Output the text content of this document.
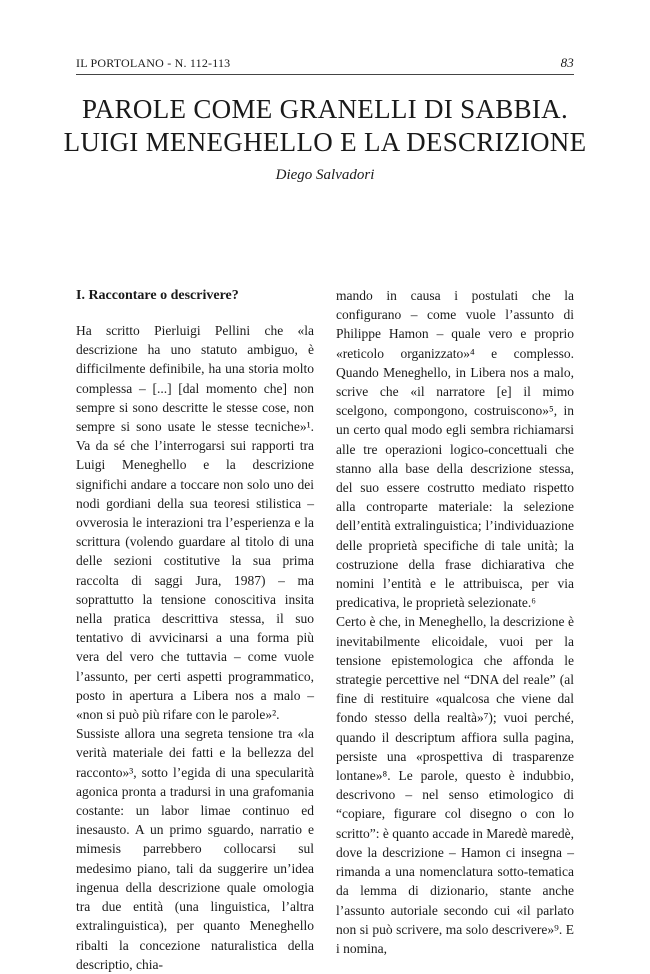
IL PORTOLANO - N. 112-113	83
PAROLE COME GRANELLI DI SABBIA.
LUIGI MENEGHELLO E LA DESCRIZIONE
Diego Salvadori
I. Raccontare o descrivere?

Ha scritto Pierluigi Pellini che «la descrizione ha uno statuto ambiguo, è difficilmente definibile, ha una storia molto complessa – [...] [dal momento che] non sempre si sono descritte le stesse cose, non sempre si sono usate le stesse tecniche»¹. Va da sé che l’interrogarsi sui rapporti tra Luigi Meneghello e la descrizione significhi andare a toccare non solo uno dei nodi gordiani della sua teoresi stilistica – ovverosia le interazioni tra l’esperienza e la scrittura (volendo guardare al titolo di una delle sezioni costitutive la sua prima raccolta di saggi Jura, 1987) – ma soprattutto la tensione conoscitiva insita nella pratica descrittiva stessa, il suo tentativo di avvicinarsi a una forma più vera del vero che tuttavia – come vuole l’assunto, per certi aspetti programmatico, posto in apertura a Libera nos a malo – «non si può più rifare con le parole»².

Sussiste allora una segreta tensione tra «la verità materiale dei fatti e la bellezza del racconto»³, sotto l’egida di una specularità agonica pronta a tradursi in una grafomania costante: un labor limae continuo ed inesausto. A un primo sguardo, narratio e mimesis parrebbero collocarsi sul medesimo piano, tali da suggerire un’idea ingenua della descrizione quale omologia tra due entità (una linguistica, l’altra extralinguistica), per quanto Meneghello ribalti la concezione naturalistica della descriptio, chia-

mando in causa i postulati che la configurano – come vuole l’assunto di Philippe Hamon – quale vero e proprio «reticolo organizzato»⁴ e complesso. Quando Meneghello, in Libera nos a malo, scrive che «il narratore [e] il mimo scelgono, compongono, costruiscono»⁵, in un certo qual modo egli sembra richiamarsi alle tre operazioni logico-concettuali che stanno alla base della descrizione stessa, del suo essere costrutto mediato rispetto alla controparte materiale: la selezione dell’entità extralinguistica; l’individuazione delle proprietà specifiche di tale unità; la costruzione della frase dichiarativa che nomini l’entità e le attribuisca, per via predicativa, le proprietà selezionate.⁶

Certo è che, in Meneghello, la descrizione è inevitabilmente elicoidale, vuoi per la tensione epistemologica che affonda le strategie percettive nel “DNA del reale” (al fine di restituire «qualcosa che viene dal fondo stesso della realtà»⁷); vuoi perché, quando il descriptum affiora sulla pagina, persiste una «prospettiva di trasparenze lontane»⁸. Le parole, questo è indubbio, descrivono – nel senso etimologico di “copiare, figurare col disegno o con lo scritto”: è quanto accade in Maredè maredè, dove la descrizione – Hamon ci insegna – rimanda a una nomenclatura sotto-tematica da lemma di dizionario, stante anche l’assunto autoriale secondo cui «il parlato non si può scrivere, ma solo descrivere»⁹. E i nomina,
